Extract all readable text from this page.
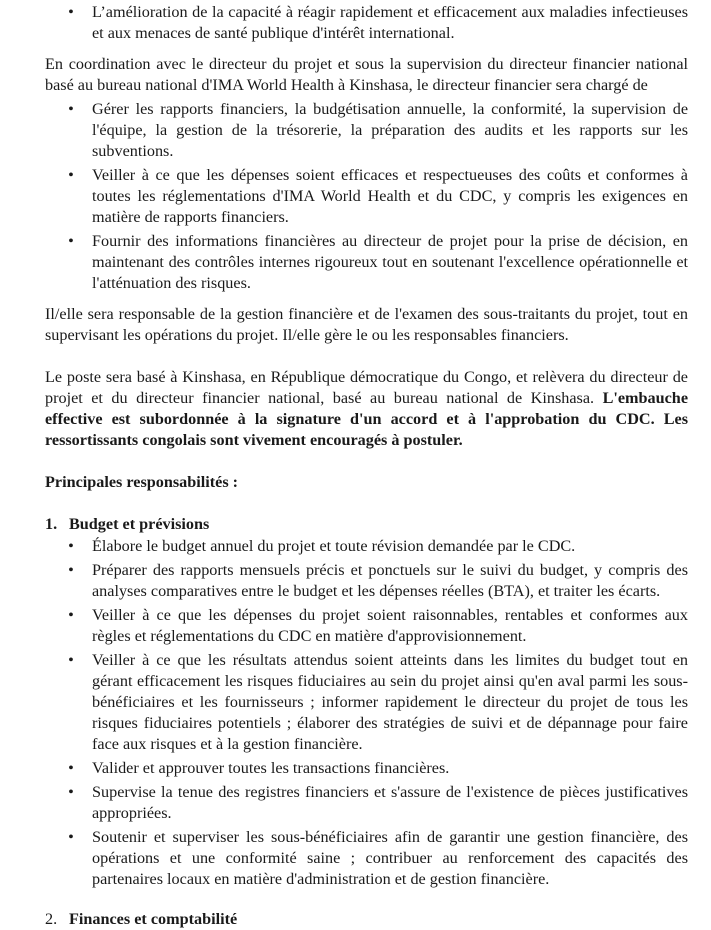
• L’amélioration de la capacité à réagir rapidement et efficacement aux maladies infectieuses et aux menaces de santé publique d'intérêt international.

En coordination avec le directeur du projet et sous la supervision du directeur financier national basé au bureau national d'IMA World Health à Kinshasa, le directeur financier sera chargé de

• Gérer les rapports financiers, la budgétisation annuelle, la conformité, la supervision de l'équipe, la gestion de la trésorerie, la préparation des audits et les rapports sur les subventions.
• Veiller à ce que les dépenses soient efficaces et respectueuses des coûts et conformes à toutes les réglementations d'IMA World Health et du CDC, y compris les exigences en matière de rapports financiers.
• Fournir des informations financières au directeur de projet pour la prise de décision, en maintenant des contrôles internes rigoureux tout en soutenant l'excellence opérationnelle et l'atténuation des risques.

Il/elle sera responsable de la gestion financière et de l'examen des sous-traitants du projet, tout en supervisant les opérations du projet. Il/elle gère le ou les responsables financiers.

Le poste sera basé à Kinshasa, en République démocratique du Congo, et relèvera du directeur de projet et du directeur financier national, basé au bureau national de Kinshasa. L'embauche effective est subordonnée à la signature d'un accord et à l'approbation du CDC. Les ressortissants congolais sont vivement encouragés à postuler.

Principales responsabilités :

1. Budget et prévisions
• Élabore le budget annuel du projet et toute révision demandée par le CDC.
• Préparer des rapports mensuels précis et ponctuels sur le suivi du budget, y compris des analyses comparatives entre le budget et les dépenses réelles (BTA), et traiter les écarts.
• Veiller à ce que les dépenses du projet soient raisonnables, rentables et conformes aux règles et réglementations du CDC en matière d'approvisionnement.
• Veiller à ce que les résultats attendus soient atteints dans les limites du budget tout en gérant efficacement les risques fiduciaires au sein du projet ainsi qu'en aval parmi les sous-bénéficiaires et les fournisseurs ; informer rapidement le directeur du projet de tous les risques fiduciaires potentiels ; élaborer des stratégies de suivi et de dépannage pour faire face aux risques et à la gestion financière.
• Valider et approuver toutes les transactions financières.
• Supervise la tenue des registres financiers et s'assure de l'existence de pièces justificatives appropriées.
• Soutenir et superviser les sous-bénéficiaires afin de garantir une gestion financière, des opérations et une conformité saine ; contribuer au renforcement des capacités des partenaires locaux en matière d'administration et de gestion financière.
2. Finances et comptabilité
